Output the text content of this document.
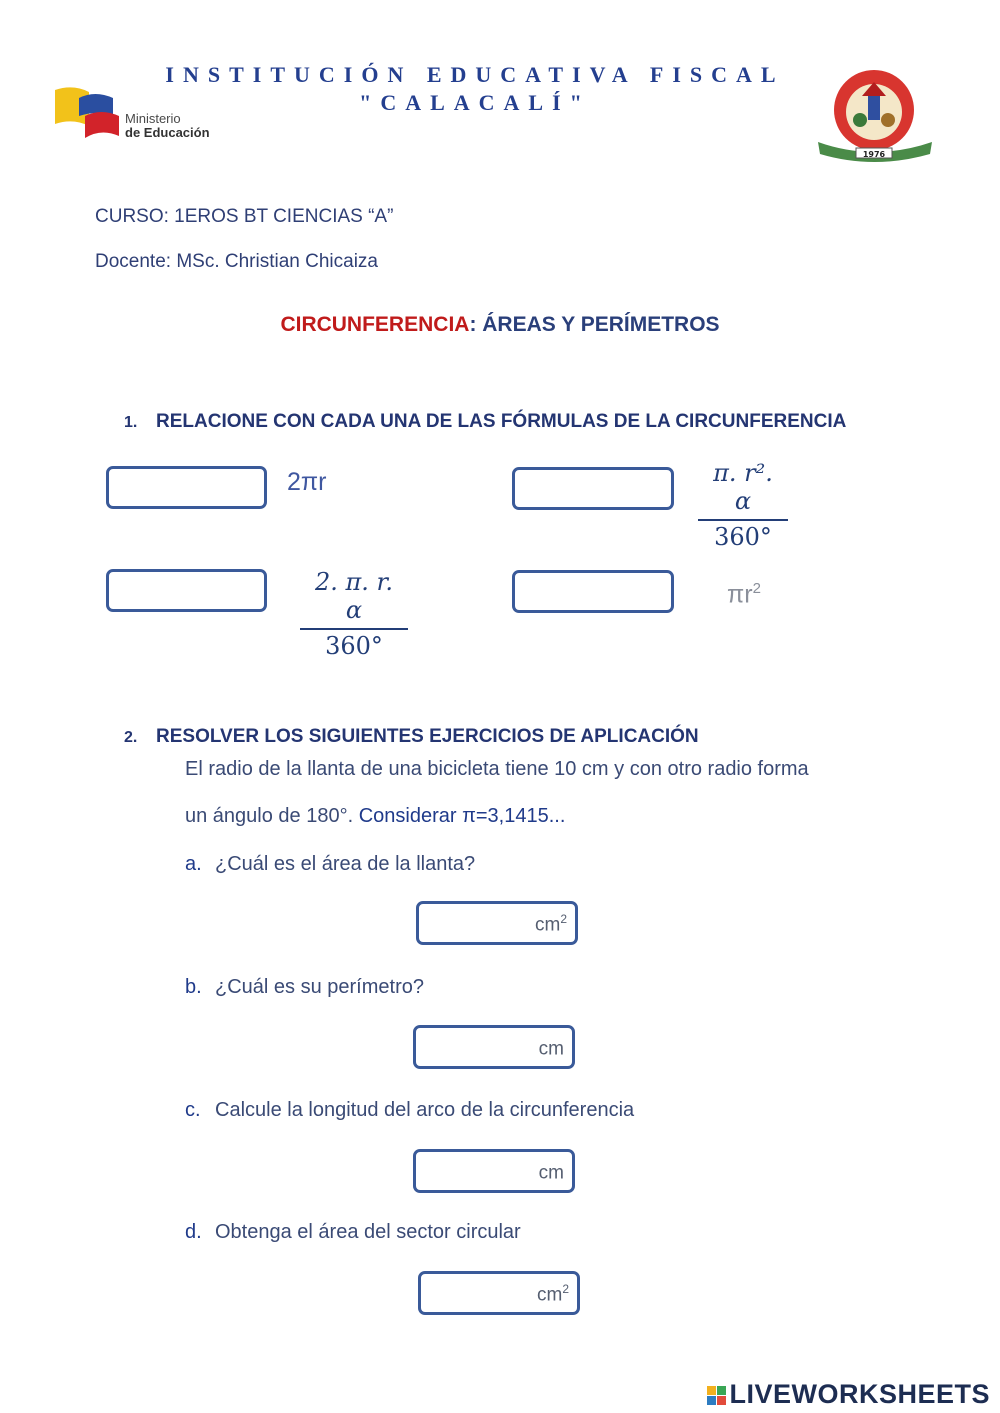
Ministerio
de Educación
INSTITUCIÓN EDUCATIVA FISCAL
"CALACALÍ"
1976
CURSO: 1EROS BT CIENCIAS “A”
Docente: MSc. Christian Chicaiza
CIRCUNFERENCIA: ÁREAS Y PERÍMETROS
1. RELACIONE CON CADA UNA DE LAS FÓRMULAS DE LA CIRCUNFERENCIA
2πr	$\frac{\text{π. r². α}}{360^\circ}$
$\frac{2. \pi. r. \alpha}{360^\circ}$	$\pi r^2$
2. RESOLVER LOS SIGUIENTES EJERCICIOS DE APLICACIÓN
El radio de la llanta de una bicicleta tiene 10 cm y con otro radio forma
un ángulo de 180°. Considerar π=3,1415...
a. ¿Cuál es el área de la llanta?
$cm^2$
b. ¿Cuál es su perímetro?
cm
c. Calcule la longitud del arco de la circunferencia
cm
d. Obtenga el área del sector circular
$cm^2$
LIVEWORKSHEETS
